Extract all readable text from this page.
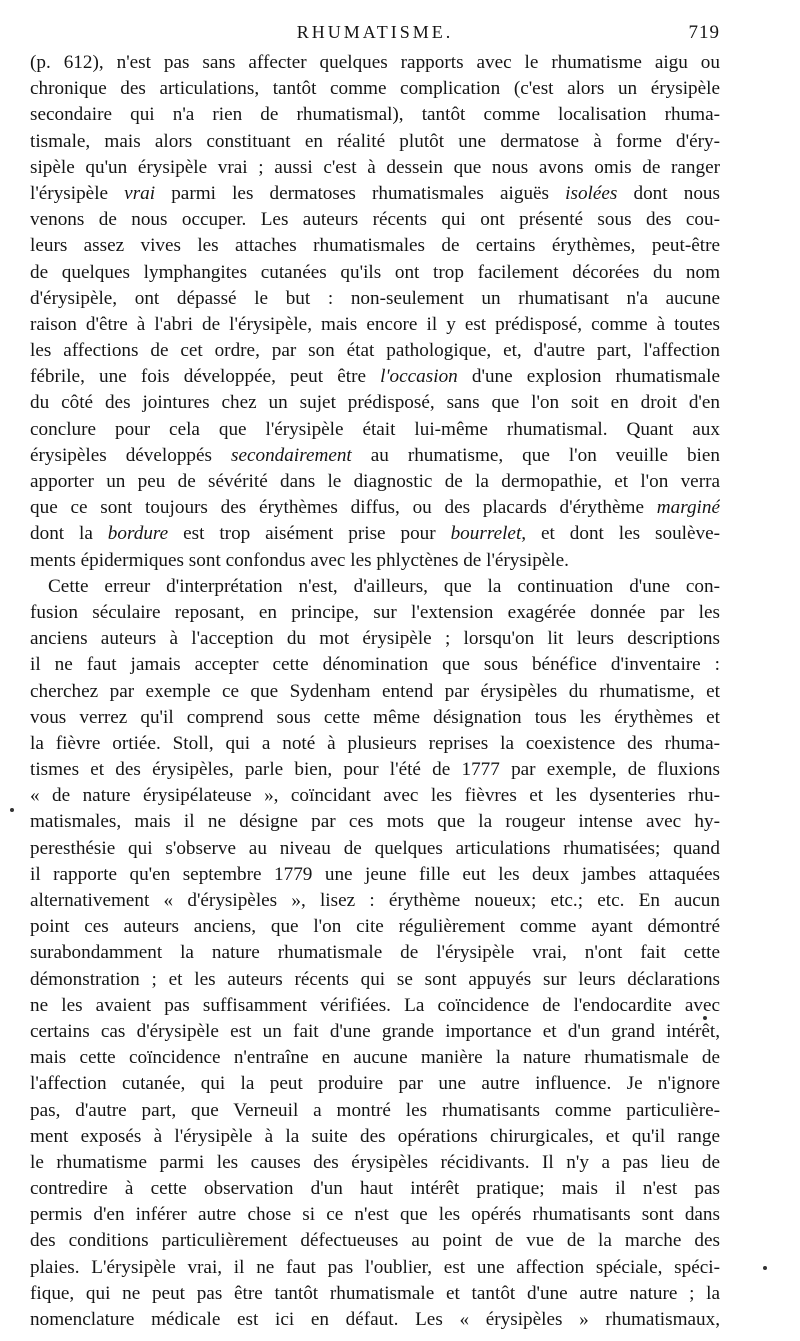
RHUMATISME.	719
(p. 612), n'est pas sans affecter quelques rapports avec le rhumatisme aigu ou
chronique des articulations, tantôt comme complication (c'est alors un érysipèle
secondaire qui n'a rien de rhumatismal), tantôt comme localisation rhuma-
tismale, mais alors constituant en réalité plutôt une dermatose à forme d'éry-
sipèle qu'un érysipèle vrai ; aussi c'est à dessein que nous avons omis de ranger
l'érysipèle vrai parmi les dermatoses rhumatismales aiguës isolées dont nous
venons de nous occuper. Les auteurs récents qui ont présenté sous des cou-
leurs assez vives les attaches rhumatismales de certains érythèmes, peut-être
de quelques lymphangites cutanées qu'ils ont trop facilement décorées du nom
d'érysipèle, ont dépassé le but : non-seulement un rhumatisant n'a aucune
raison d'être à l'abri de l'érysipèle, mais encore il y est prédisposé, comme à toutes
les affections de cet ordre, par son état pathologique, et, d'autre part, l'affection
fébrile, une fois développée, peut être l'occasion d'une explosion rhumatismale
du côté des jointures chez un sujet prédisposé, sans que l'on soit en droit d'en
conclure pour cela que l'érysipèle était lui-même rhumatismal. Quant aux
érysipèles développés secondairement au rhumatisme, que l'on veuille bien
apporter un peu de sévérité dans le diagnostic de la dermopathie, et l'on verra
que ce sont toujours des érythèmes diffus, ou des placards d'érythème marginé
dont la bordure est trop aisément prise pour bourrelet, et dont les soulève-
ments épidermiques sont confondus avec les phlyctènes de l'érysipèle.
Cette erreur d'interprétation n'est, d'ailleurs, que la continuation d'une con-
fusion séculaire reposant, en principe, sur l'extension exagérée donnée par les
anciens auteurs à l'acception du mot érysipèle ; lorsqu'on lit leurs descriptions
il ne faut jamais accepter cette dénomination que sous bénéfice d'inventaire :
cherchez par exemple ce que Sydenham entend par érysipèles du rhumatisme, et
vous verrez qu'il comprend sous cette même désignation tous les érythèmes et
la fièvre ortiée. Stoll, qui a noté à plusieurs reprises la coexistence des rhuma-
tismes et des érysipèles, parle bien, pour l'été de 1777 par exemple, de fluxions
« de nature érysipélateuse », coïncidant avec les fièvres et les dysenteries rhu-
matismales, mais il ne désigne par ces mots que la rougeur intense avec hy-
peresthésie qui s'observe au niveau de quelques articulations rhumatisées; quand
il rapporte qu'en septembre 1779 une jeune fille eut les deux jambes attaquées
alternativement « d'érysipèles », lisez : érythème noueux; etc.; etc. En aucun
point ces auteurs anciens, que l'on cite régulièrement comme ayant démontré
surabondamment la nature rhumatismale de l'érysipèle vrai, n'ont fait cette
démonstration ; et les auteurs récents qui se sont appuyés sur leurs déclarations
ne les avaient pas suffisamment vérifiées. La coïncidence de l'endocardite avec
certains cas d'érysipèle est un fait d'une grande importance et d'un grand intérêt,
mais cette coïncidence n'entraîne en aucune manière la nature rhumatismale de
l'affection cutanée, qui la peut produire par une autre influence. Je n'ignore
pas, d'autre part, que Verneuil a montré les rhumatisants comme particulière-
ment exposés à l'érysipèle à la suite des opérations chirurgicales, et qu'il range
le rhumatisme parmi les causes des érysipèles récidivants. Il n'y a pas lieu de
contredire à cette observation d'un haut intérêt pratique; mais il n'est pas
permis d'en inférer autre chose si ce n'est que les opérés rhumatisants sont dans
des conditions particulièrement défectueuses au point de vue de la marche des
plaies. L'érysipèle vrai, il ne faut pas l'oublier, est une affection spéciale, spéci-
fique, qui ne peut pas être tantôt rhumatismale et tantôt d'une autre nature ; la
nomenclature médicale est ici en défaut. Les « érysipèles » rhumatismaux,
